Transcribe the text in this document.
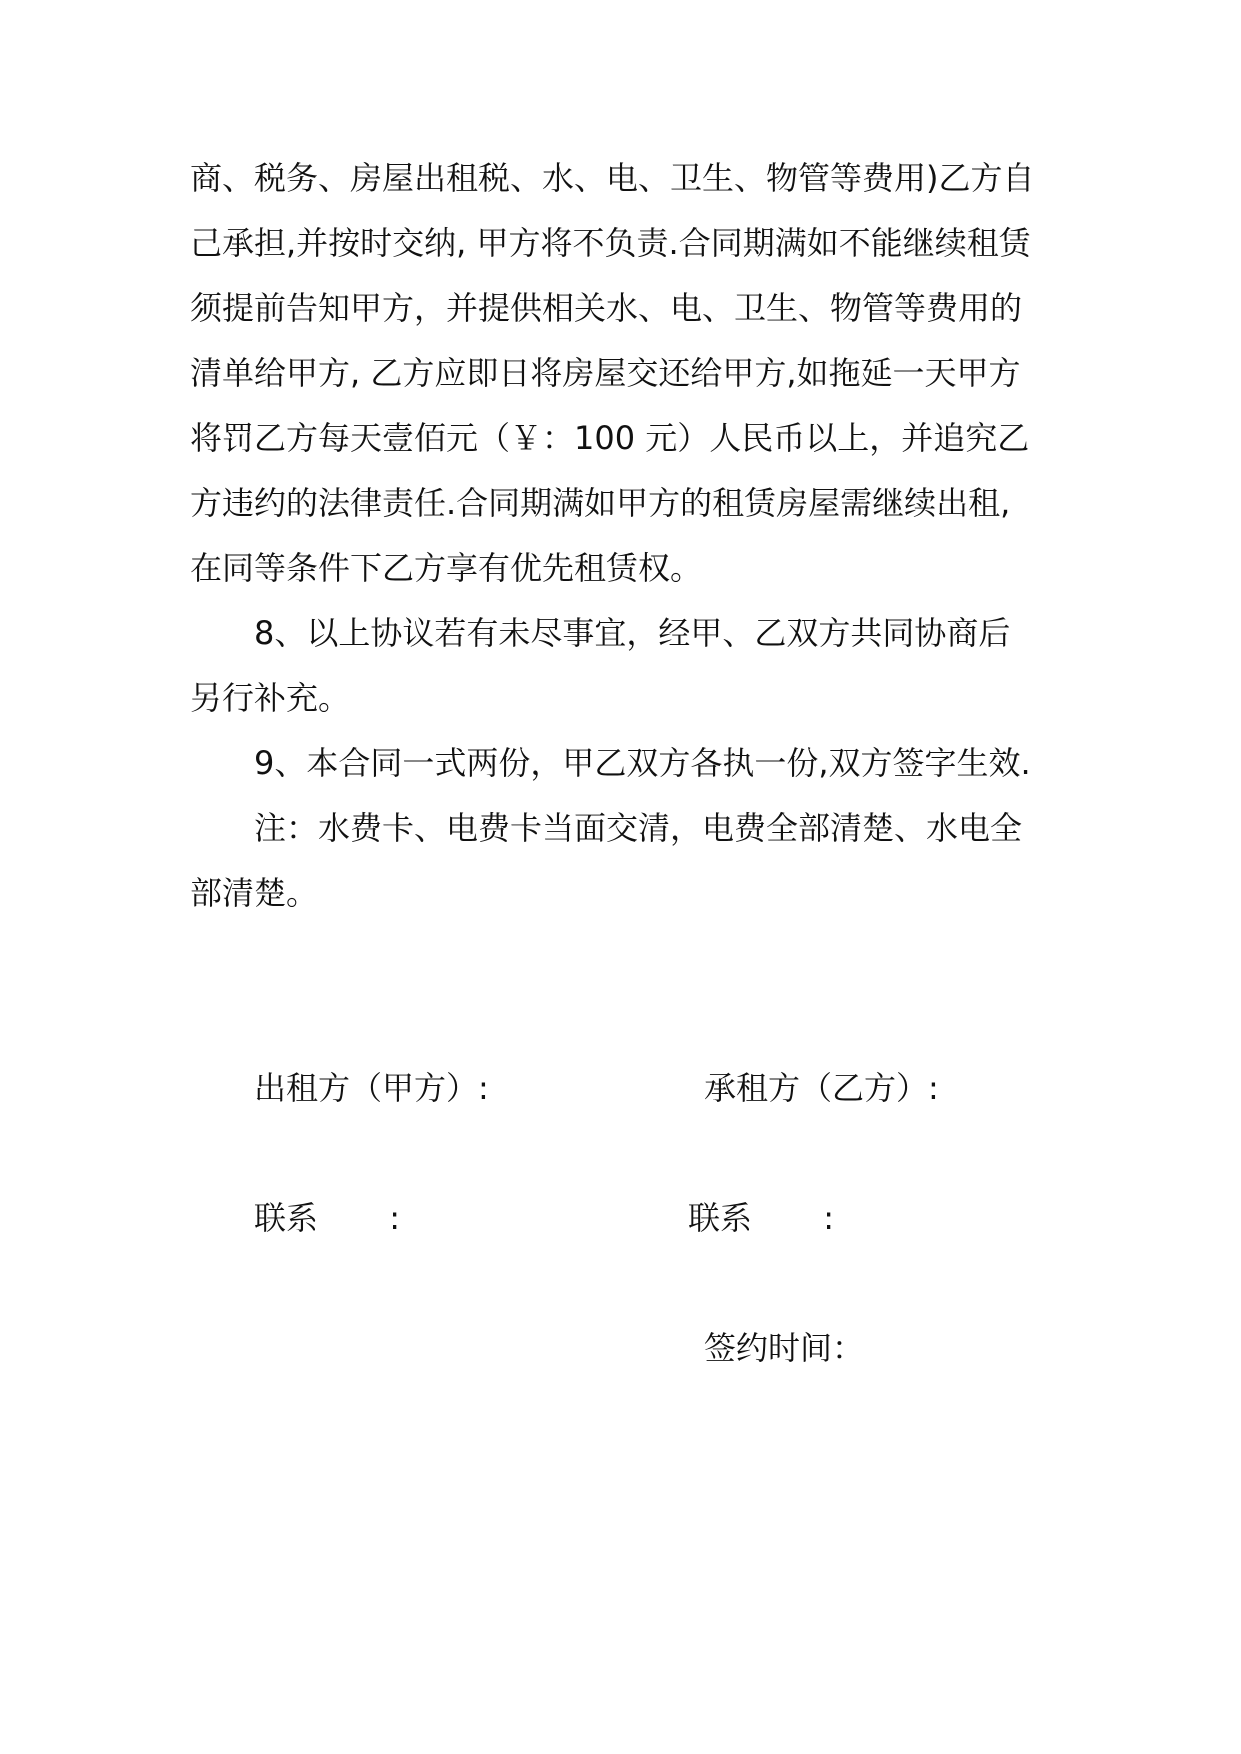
商、税务、房屋出租税、水、电、卫生、物管等费用)乙方自
己承担,并按时交纳, 甲方将不负责.合同期满如不能继续租赁
须提前告知甲方，并提供相关水、电、卫生、物管等费用的
清单给甲方, 乙方应即日将房屋交还给甲方,如拖延一天甲方
将罚乙方每天壹佰元（￥：100 元）人民币以上，并追究乙
方违约的法律责任.合同期满如甲方的租赁房屋需继续出租,
在同等条件下乙方享有优先租赁权。
8、以上协议若有未尽事宜，经甲、乙双方共同协商后
另行补充。
9、本合同一式两份，甲乙双方各执一份,双方签字生效.
注：水费卡、电费卡当面交清，电费全部清楚、水电全
部清楚。
出租方（甲方）:	承租方（乙方）:
联系       :	联系       :
签约时间：
